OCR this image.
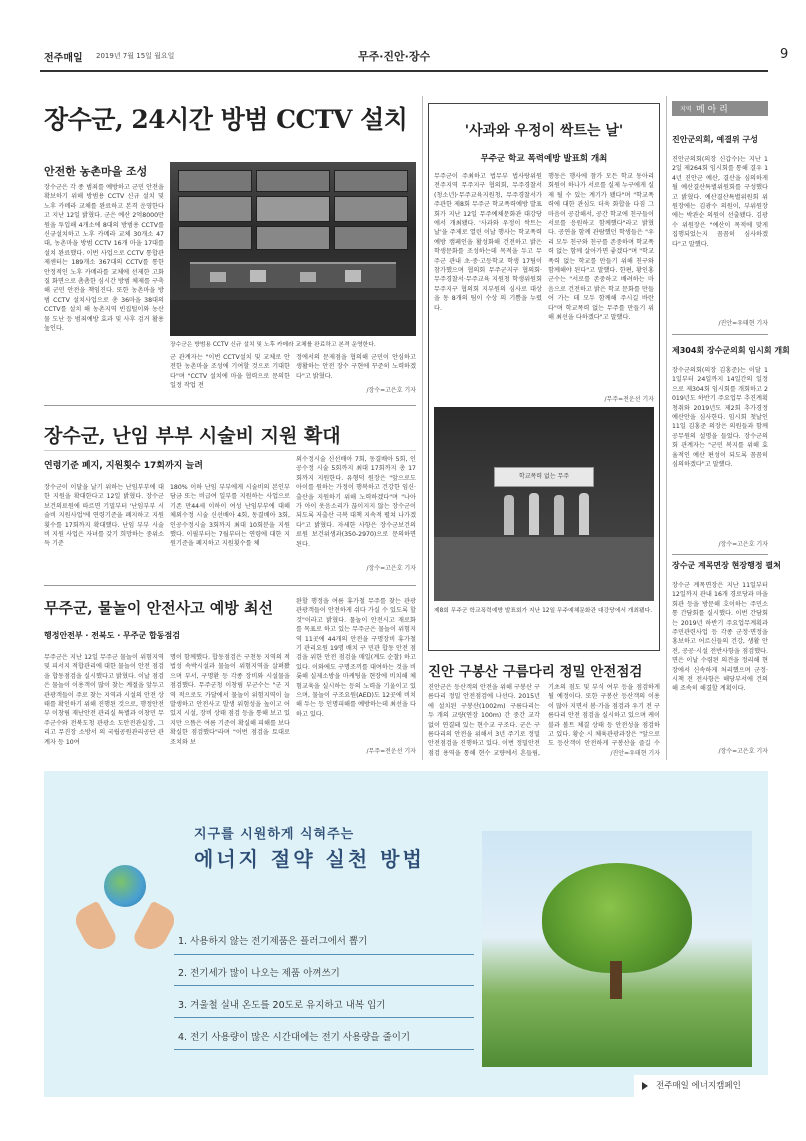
전주매일 2019년 7월 15일 월요일	무주·진안·장수	9
장수군, 24시간 방범 CCTV 설치
안전한 농촌마을 조성
장수군은 각 종 범죄를 예방하고 군민 안전을 확보하기 위해 방범용 CCTV 신규 설치 및 노후 카메라 교체를 완료하고 본격 운영한다고 지난 12일 밝혔다. 군은 예산 2억8000만 원을 투입해 4개소에 8대의 방범용 CCTV를 신규설치하고 노후 카메라 교체 30개소 47대, 농촌마을 방범 CCTV 16개 마을 17대를 설치 완료했다. 이번 사업으로 CCTV 통합관제센터는 189개소 367대의 CCTV를 통한 안정적인 노후 카메라를 교체에 선제한 고화질 화면으로 촘촘한 심시간 방범 체제를 구축해 군민 안전을 책임진다. 또한 농촌마을 방범 CCTV 설치사업으로 총 36마을 38대의 CCTV를 설치 해 농촌지역 빈집털이와 농산물 도난 등 범죄예방 효과 및 사후 검거 활용 높인다.
장수군은 방범용 CCTV 신규 설치 및 노후 카메라 교체를 완료하고 본격 운영한다.
군 관계자는 "이번 CCTV설치 및 교체로 안전한 농촌마을 조성에 기여할 것으로 기대한다"며 "CCTV 설치에 마을 협력으로 문의한 일정 작업 전
정에서의 문제점을 협의해 군민이 안심하고 생활하는 안전 장수 구현에 꾸준히 노력하겠다"고 밝혔다.
/장수=고은호 기자
장수군, 난임 부부 시술비 지원 확대
연령기준 폐지, 지원횟수 17회까지 늘려
장수군이 이달을 날기 위하는 난임부부에 대한 지원을 확대한다고 12일 밝혔다. 장수군보건의료원에 따르면 기밀부터 '난임부부 시술비 지원사업'에 연령기준을 폐지하고 지원횟수를 17회까지 확대했다. 난임 부부 시술비 지원 사업은 자녀를 갖기 희망하는 중위소득 기준
180% 이하 난임 부부에게 시술비의 본인부담금 또는 비급여 일부를 지원하는 사업으로 기존 만44세 이하이 여성 난임부부에 대해 체외수정 시술 신선배아 4회, 동결배아 3회, 인공수정시술 3회까지 최대 10회분을 지원했다. 이필부터는 7월부터는 연령에 대한 지원기준을 폐지하고 지원횟수를 체
외수정시술 신선배아 7회, 동결배아 5회, 인공수정 시술 5회까지 최대 17회까지 총 17회까지 지원한다. 유형덕 원장은 "앞으로도 아이를 원하는 가정이 행복하고 건강한 임신·출산을 지원하기 위해 노력하겠다"며 "나아가 아이 웃음소리가 끊이지지 않는 장수군이 되도록 저출산 극복 대책 지속적 펼쳐 나가겠다"고 밝혔다. 자세한 사항은 장수군보건의료원 보건위생과(350-2970)으로 문의하면 된다.
/장수=고은호 기자
무주군, 물놀이 안전사고 예방 최선
행정안전부 · 전북도 · 무주군 합동점검
무주군은 지난 12일 무주군 물놀이 위험지역 및 피서지 적합관리에 대한 물놀이 안전 점검을 합동점검을 실시했다고 밝혔다. 이날 점검은 물놀이 이용객이 많이 찾는 계절을 앞두고 관광객들이 주로 찾는 지역과 시설의 안전 상태를 확인하기 위해 진행된 것으로, 행정안전부 이창림 재난안전 관리실 특별과 이창민 무주군수와 전북도청 관광소 도안전관실장, 그리고 무진장 소방서 의 국립공원관리공단 관계자 등 10여
명이 함께했다. 합동점검은 구천동 지역의 적법성 속박시설과 물놀이 위험지역을 살펴봤으며 부서, 구명환 등 각종 장비와 시설물을 점검했다. 무주군청 이창림 부군수는 "군 지역 적으로도 가달에서 물놀이 위험지역이 늘 발생하고 안전사고 발생 위험성을 높이고 어 있지 시설, 장비 상태 점검 등을 통해 보고 있지만 으뜸은 여름 기준이 확실해 피해를 보다 확실한 점검했다"라며 "이번 점검을 토대로 조치와 보
완할 행정을 여름 휴가철 무주를 찾는 관광 관광객들이 안전하게 쉬다 가실 수 있도록 할 것"이라고 밝혔다. 물놀이 안전시고 재로화를 목표로 하고 있는 무주군은 물놀이 위험지역 11곳에 44개의 안전을 구명장비 휴가철기 관리요원 19명 배치 구 민관 합동 안전 점검을 위한 안전 점검을 매일(계도 순찰) 하고 있다. 이와에도 구명조끼를 대여하는 것을 비롯해 실제소방을 마케팅을 현장에 비치해 체험교육을 실시하는 등의 노력을 기울이고 있으며, 물놀이 구조요원(AED)도 12곳에 비치해 두는 등 인명피해를 예방하는데 최선을 다하고 있다.
/무주=전운선 기자
'사과와 우정이 싹트는 날'
무주군 학교 폭력예방 발표회 개최
무주군이 주최하고 법무부 법사랑위원 전주지역 무주지구 협의회, 무주경찰서(청소년)·무주교육지원청, 무주경찰서가 주관한 제8회 무주군 학교폭력예방 발표회가 지난 12일 무주예체문화관 대강당에서 개최됐다. '사과와 우정이 싹트는 날'을 주제로 열린 이날 행사는 학교폭력 예방 캠페인을 활성화해 건전하고 밝은 학생문화를 조성하는데 목적을 두고 무주군 관내 초·중·고등학교 학생 17팀이 참가했으며 협의회 무주군지구 협의회·무주경찰서·무주교육 지원청 학생위원회 무주지구 협의회 지부원의 심사로 대상을 동 8개의 팀이 수상 의 기쁨을 누렸다.
행동은 행사에 참가 모든 학교 동아리 회원이 하나가 서로를 실제 누구에게 실제 될 수 있는 계기가 됐다"며 "학교폭력에 대한 관심도 더욱 화합을 다짐 그 마음이 공감해서, 공간 학교에 친구들이 서로를 응원하고 함께했다"라고 밝혔다. 공연을 함께 관람했던 학생들은 "우리 모두 친구와 친구를 존중하며 학교폭력 없는 함께 살아가면 좋겠다"며 "학교폭력 없는 학교를 만들기 위해 친구와 함께해야 된다"고 말했다. 한편, 황인홍 군수는 "서로를 존중하고 배려하는 마음으로 건전하고 밝은 학교 문화를 만들어 가는 데 모두 함께해 주시길 바란다"며 학교폭력 없는 무주를 만들기 위해 최선을 다하겠다"고 말했다.
/무주=전운선 기자
학교폭력 없는 무주
제8회 무주군 학교폭력예방 발표회가 지난 12일 무주예체문화관 대강당에서 개최됐다.
진안 구봉산 구름다리 정밀 안전점검
진안군은 등산객의 안전을 위해 구봉산 구름다리 정밀 안전점검에 나선다. 2015년에 설치된 구봉산(1002m) 구름다리는 두 개의 교량(연장 100m) 간 중간 교각 없이 연결돼 있는 현수교 구조다. 군은 구름다리의 안전을 위해서 3년 주기로 정밀 안전점검을 진행하고 있다. 이번 정밀안전점검 용역을 통해 현수 교량에서 흔들림,
기초의 점도 및 부식 여부 등을 점검하게 될 예정이다. 또한 구봉산 등산객의 이용이 많아 지면서 봄·가을 점검과 우기 전 구름다리 안전 점검을 실시하고 있으며 케이블과 볼트 체결 상태 등 안전성을 점검하고 있다. 황순 시 체육관광과장은 "앞으로도 등산객이 안전하게 구봉산을 즐길 수
/진안=우태현 기자
지역 메 아 리
진안군의회, 예결위 구성
진안군의회(의장 신갑수)는 지난 12일 제264회 임시회를 통해 결우 14년 진안군 예산, 결산을 심의하게 될 예산결산특별위원회를 구성했다고 밝혔다. 예산결산특별위원회 위원장에는 김광수 의원이, 부위원장에는 박관순 의원이 선출됐다. 김광수 위원장은 "예산이 목적에 맞게 집행되었는지 꼼꼼히 심사하겠다"고 말했다.
/진안=우태현 기자
제304회 장수군의회 임시회 개회
장수군의회(의장 김홍준)는 이달 11일부터 24일까지 14일간의 일정으로 제304회 임시회를 개회하고 2019년도 하반기 주요업무 추진계획 청취와 2019년도 제2회 추가경정 예산안을 심사한다. 임시회 첫날인 11일 김홍준 의장은 의원들과 함께 공무원의 설명을 들었다. 장수군의회 관계자는 "군민 복지를 위해 효율적인 예산 편성이 되도록 꼼꼼히 심의하겠다"고 말했다.
/장수=고은호 기자
장수군 계목면장 현장행정 펼쳐
장수군 계목면장은 지난 11일부터 12일까지 관내 16개 경로당과 마을회관 등을 방문해 호이하는 주민소통 간담회를 실시했다. 이번 간담회는 2019년 하반기 주요업무계획과 주민관련사업 등 각종 군정·면정을 홍보하고 어르신들의 건강, 생활 안전, 공공·시설 전반사항을 점검했다. 면은 이날 수렴된 의견을 정리해 현장에서 신속하게 처리했으며 군정·시책 전 전사항은 해당부서에 건의해 조속히 해결할 계획이다.
/장수=고은호 기자
지구를 시원하게 식혀주는
에너지 절약 실천 방법
1. 사용하지 않는 전기제품은 플러그에서 뽑기
2. 전기세가 많이 나오는 제품 아껴쓰기
3. 겨울철 실내 온도를 20도로 유지하고 내복 입기
4. 전기 사용량이 많은 시간대에는 전기 사용량을 줄이기
전주매일 에너지캠페인
